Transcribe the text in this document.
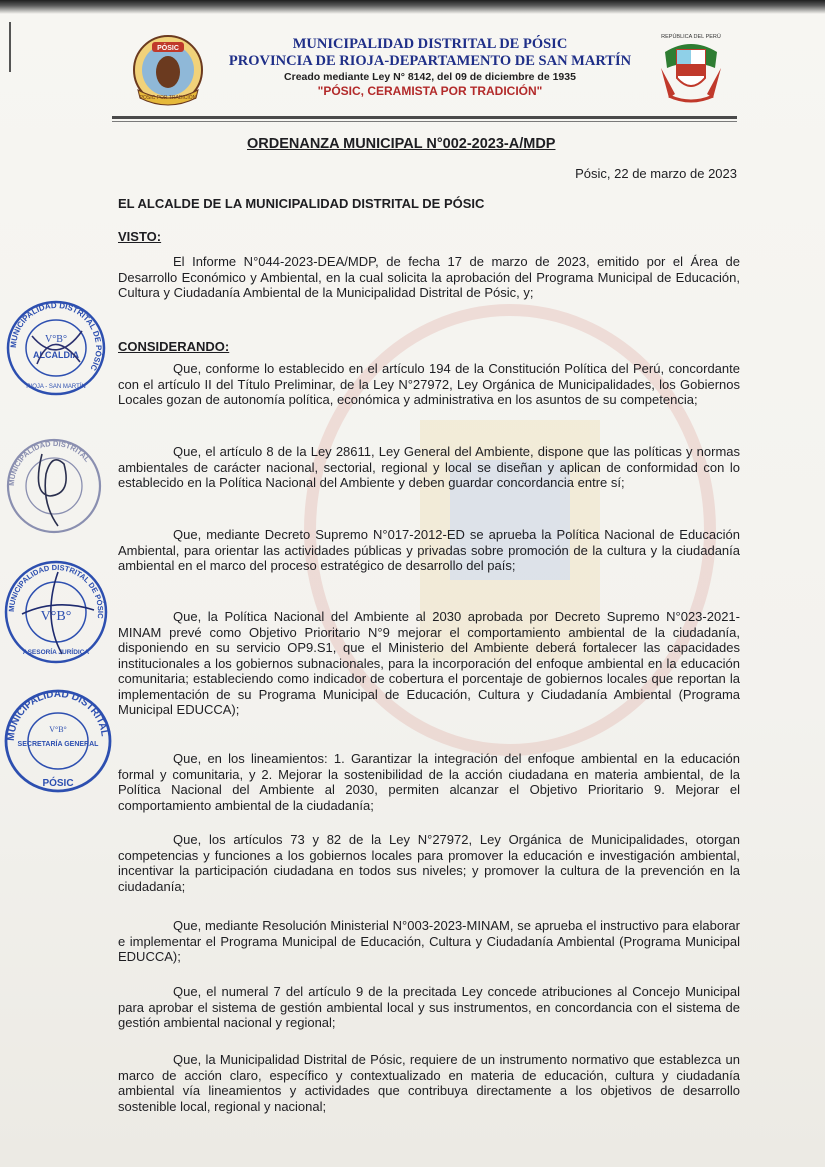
PÓSIC
POSIC POR TRADICIÓN
MUNICIPALIDAD DISTRITAL DE PÓSIC
PROVINCIA DE RIOJA-DEPARTAMENTO DE SAN MARTÍN
Creado mediante Ley N° 8142, del 09 de diciembre de 1935
"PÓSIC, CERAMISTA POR TRADICIÓN"
REPÚBLICA DEL PERÚ
ORDENANZA MUNICIPAL N°002-2023-A/MDP
Pósic, 22 de marzo de 2023
EL ALCALDE DE LA MUNICIPALIDAD DISTRITAL DE PÓSIC
VISTO:
El Informe N°044-2023-DEA/MDP, de fecha 17 de marzo de 2023, emitido por el Área de Desarrollo Económico y Ambiental, en la cual solicita la aprobación del Programa Municipal de Educación, Cultura y Ciudadanía Ambiental de la Municipalidad Distrital de Pósic, y;
CONSIDERANDO:
Que, conforme lo establecido en el artículo 194 de la Constitución Política del Perú, concordante con el artículo II del Título Preliminar, de la Ley N°27972, Ley Orgánica de Municipalidades, los Gobiernos Locales gozan de autonomía política, económica y administrativa en los asuntos de su competencia;
Que, el artículo 8 de la Ley 28611, Ley General del Ambiente, dispone que las políticas y normas ambientales de carácter nacional, sectorial, regional y local se diseñan y aplican de conformidad con lo establecido en la Política Nacional del Ambiente y deben guardar concordancia entre sí;
Que, mediante Decreto Supremo N°017-2012-ED se aprueba la Política Nacional de Educación Ambiental, para orientar las actividades públicas y privadas sobre promoción de la cultura y la ciudadanía ambiental en el marco del proceso estratégico de desarrollo del país;
Que, la Política Nacional del Ambiente al 2030 aprobada por Decreto Supremo N°023-2021-MINAM prevé como Objetivo Prioritario N°9 mejorar el comportamiento ambiental de la ciudadanía, disponiendo en su servicio OP9.S1, que el Ministerio del Ambiente deberá fortalecer las capacidades institucionales a los gobiernos subnacionales, para la incorporación del enfoque ambiental en la educación comunitaria; estableciendo como indicador de cobertura el porcentaje de gobiernos locales que reportan la implementación de su Programa Municipal de Educación, Cultura y Ciudadanía Ambiental (Programa Municipal EDUCCA);
Que, en los lineamientos: 1. Garantizar la integración del enfoque ambiental en la educación formal y comunitaria, y 2. Mejorar la sostenibilidad de la acción ciudadana en materia ambiental, de la Política Nacional del Ambiente al 2030, permiten alcanzar el Objetivo Prioritario 9. Mejorar el comportamiento ambiental de la ciudadanía;
Que, los artículos 73 y 82 de la Ley N°27972, Ley Orgánica de Municipalidades, otorgan competencias y funciones a los gobiernos locales para promover la educación e investigación ambiental, incentivar la participación ciudadana en todos sus niveles; y promover la cultura de la prevención en la ciudadanía;
Que, mediante Resolución Ministerial N°003-2023-MINAM, se aprueba el instructivo para elaborar e implementar el Programa Municipal de Educación, Cultura y Ciudadanía Ambiental (Programa Municipal EDUCCA);
Que, el numeral 7 del artículo 9 de la precitada Ley concede atribuciones al Concejo Municipal para aprobar el sistema de gestión ambiental local y sus instrumentos, en concordancia con el sistema de gestión ambiental nacional y regional;
Que, la Municipalidad Distrital de Pósic, requiere de un instrumento normativo que establezca un marco de acción claro, específico y contextualizado en materia de educación, cultura y ciudadanía ambiental vía lineamientos y actividades que contribuya directamente a los objetivos de desarrollo sostenible local, regional y nacional;
MUNICIPALIDAD DISTRITAL DE PÓSIC
V°B°
ALCALDIA
RIOJA - SAN MARTÍN
MUNICIPALIDAD DISTRITAL
MUNICIPALIDAD DISTRITAL DE PÓSIC
V°B°
ASESORÍA JURÍDICA
MUNICIPALIDAD DISTRITAL
V°B°
SECRETARÍA GENERAL
PÓSIC
